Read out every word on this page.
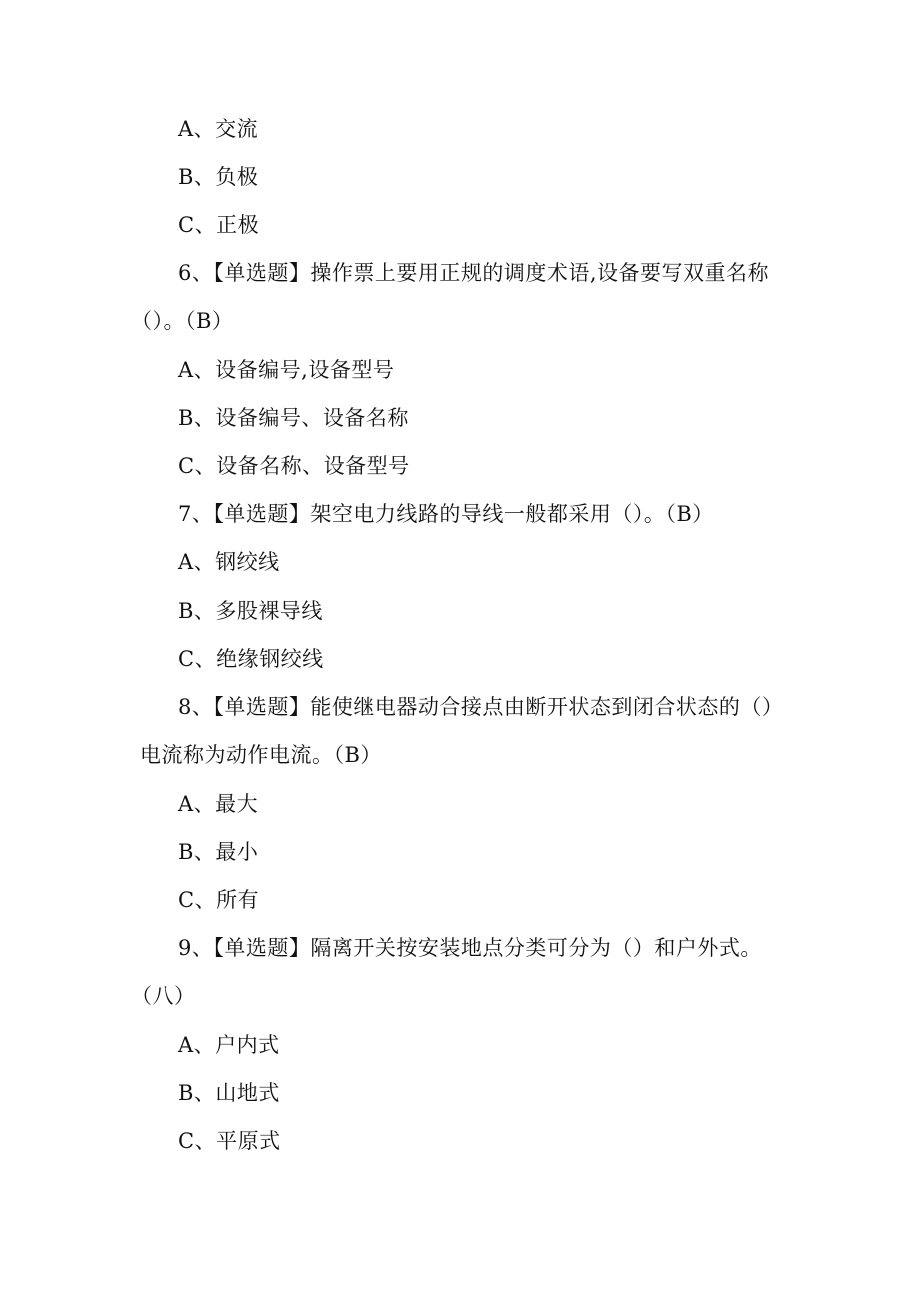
A、交流
B、负极
C、正极
6、【单选题】操作票上要用正规的调度术语,设备要写双重名称
（）。（B）
A、设备编号,设备型号
B、设备编号、设备名称
C、设备名称、设备型号
7、【单选题】架空电力线路的导线一般都采用（）。（B）
A、钢绞线
B、多股裸导线
C、绝缘钢绞线
8、【单选题】能使继电器动合接点由断开状态到闭合状态的（）
电流称为动作电流。（B）
A、最大
B、最小
C、所有
9、【单选题】隔离开关按安装地点分类可分为（）和户外式。
（八）
A、户内式
B、山地式
C、平原式
